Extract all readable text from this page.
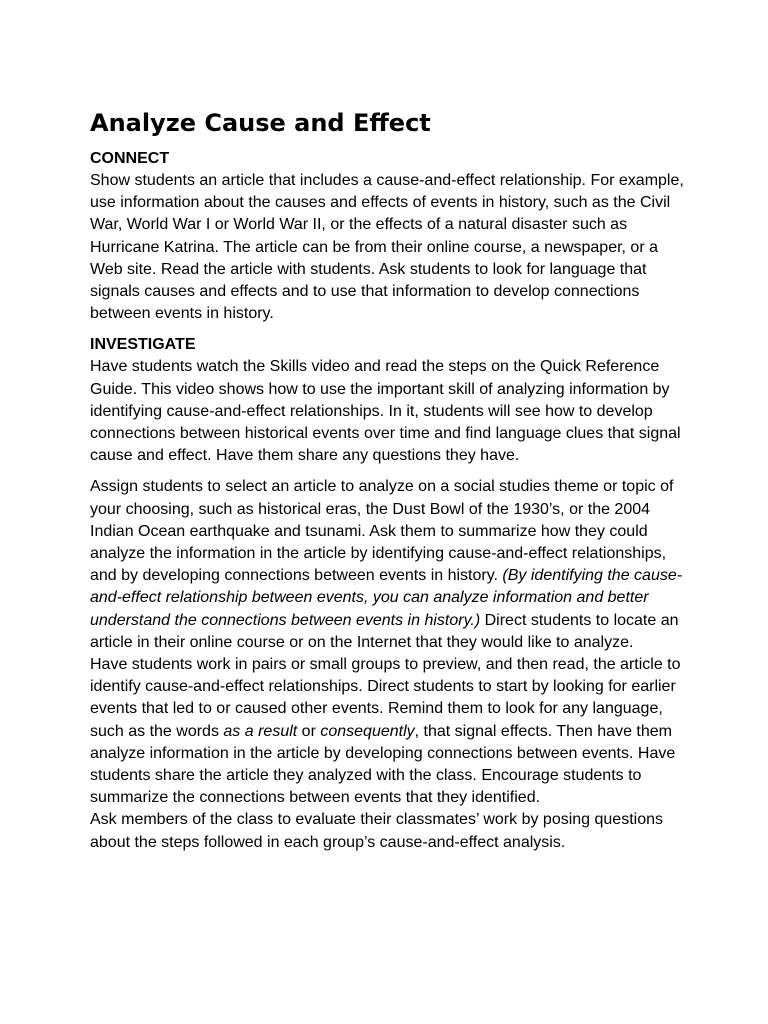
Analyze Cause and Effect
CONNECT

Show students an article that includes a cause-and-effect relationship. For example, use information about the causes and effects of events in history, such as the Civil War, World War I or World War II, or the effects of a natural disaster such as Hurricane Katrina. The article can be from their online course, a newspaper, or a Web site. Read the article with students. Ask students to look for language that signals causes and effects and to use that information to develop connections between events in history.

INVESTIGATE

Have students watch the Skills video and read the steps on the Quick Reference Guide. This video shows how to use the important skill of analyzing information by identifying cause-and-effect relationships. In it, students will see how to develop connections between historical events over time and find language clues that signal cause and effect. Have them share any questions they have.

Assign students to select an article to analyze on a social studies theme or topic of your choosing, such as historical eras, the Dust Bowl of the 1930’s, or the 2004 Indian Ocean earthquake and tsunami. Ask them to summarize how they could analyze the information in the article by identifying cause-and-effect relationships, and by developing connections between events in history. (By identifying the cause-and-effect relationship between events, you can analyze information and better understand the connections between events in history.) Direct students to locate an article in their online course or on the Internet that they would like to analyze.

Have students work in pairs or small groups to preview, and then read, the article to identify cause-and-effect relationships. Direct students to start by looking for earlier events that led to or caused other events. Remind them to look for any language, such as the words as a result or consequently, that signal effects. Then have them analyze information in the article by developing connections between events. Have students share the article they analyzed with the class. Encourage students to summarize the connections between events that they identified.

Ask members of the class to evaluate their classmates’ work by posing questions about the steps followed in each group’s cause-and-effect analysis.
